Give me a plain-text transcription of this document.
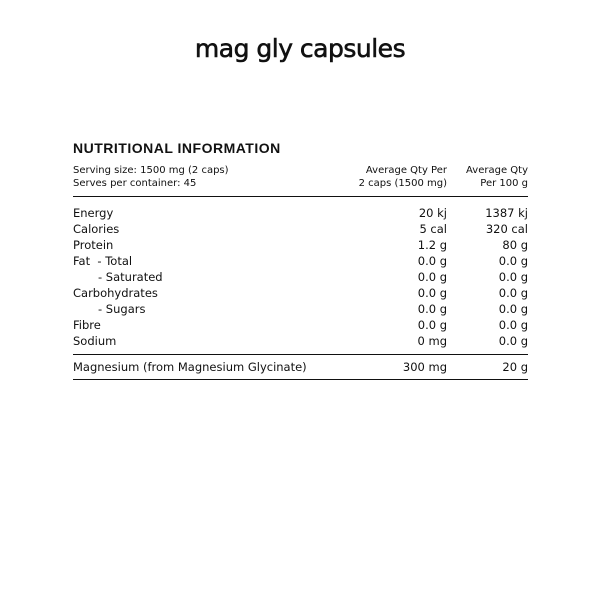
mag gly capsules
NUTRITIONAL INFORMATION
Serving size: 1500 mg (2 caps)
Serves per container: 45
Average Qty Per
2 caps (1500 mg)
Average Qty
Per 100 g
Energy	20 kj	1387 kj
Calories	5 cal	320 cal
Protein	1.2 g	80 g
Fat  - Total	0.0 g	0.0 g
- Saturated	0.0 g	0.0 g
Carbohydrates	0.0 g	0.0 g
- Sugars	0.0 g	0.0 g
Fibre	0.0 g	0.0 g
Sodium	0 mg	0.0 g
Magnesium (from Magnesium Glycinate)	300 mg	20 g
